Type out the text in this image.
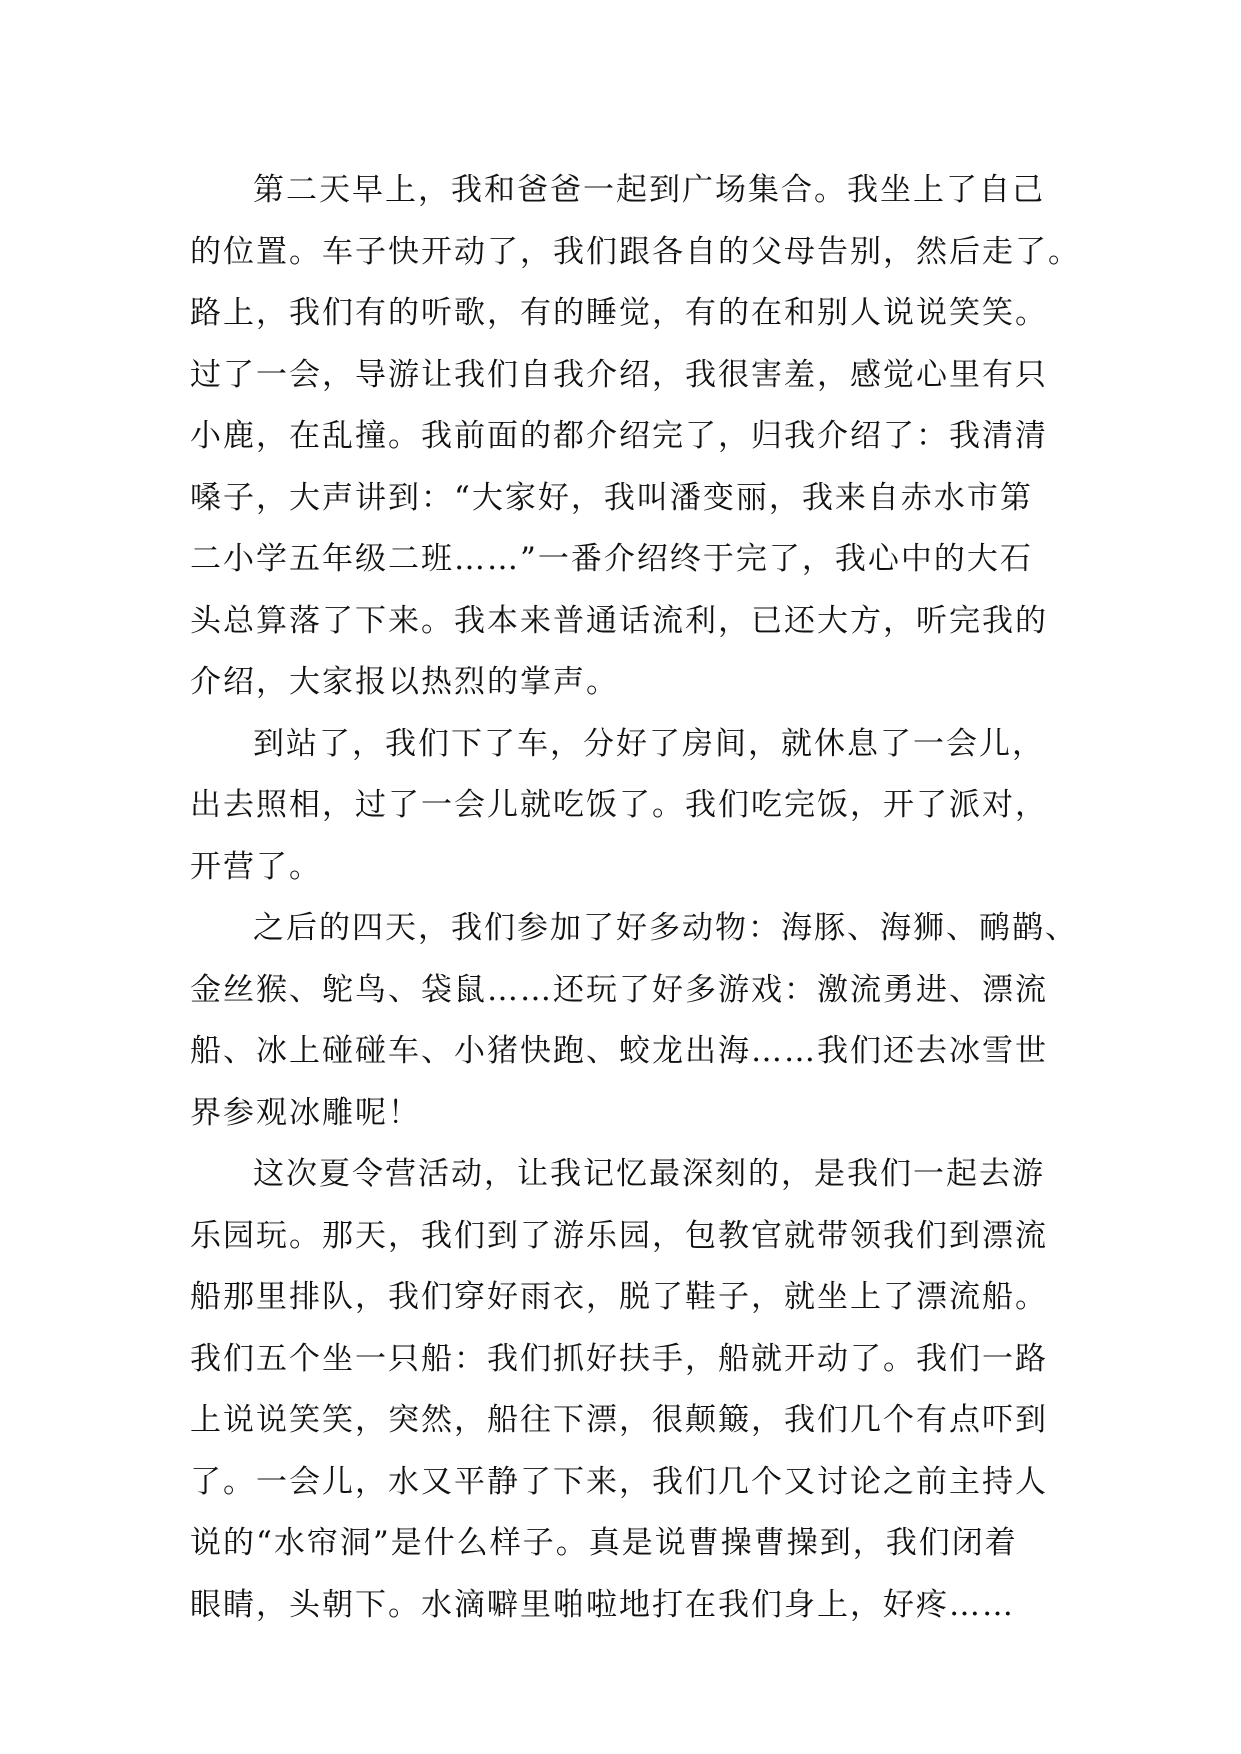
第二天早上，我和爸爸一起到广场集合。我坐上了自己
的位置。车子快开动了，我们跟各自的父母告别，然后走了。
路上，我们有的听歌，有的睡觉，有的在和别人说说笑笑。
过了一会，导游让我们自我介绍，我很害羞，感觉心里有只
小鹿，在乱撞。我前面的都介绍完了，归我介绍了：我清清
嗓子，大声讲到：“大家好，我叫潘变丽，我来自赤水市第
二小学五年级二班……”一番介绍终于完了，我心中的大石
头总算落了下来。我本来普通话流利，已还大方，听完我的
介绍，大家报以热烈的掌声。
到站了，我们下了车，分好了房间，就休息了一会儿，
出去照相，过了一会儿就吃饭了。我们吃完饭，开了派对，
开营了。
之后的四天，我们参加了好多动物：海豚、海狮、鸸鹋、
金丝猴、鸵鸟、袋鼠……还玩了好多游戏：激流勇进、漂流
船、冰上碰碰车、小猪快跑、蛟龙出海……我们还去冰雪世
界参观冰雕呢！
这次夏令营活动，让我记忆最深刻的，是我们一起去游
乐园玩。那天，我们到了游乐园，包教官就带领我们到漂流
船那里排队，我们穿好雨衣，脱了鞋子，就坐上了漂流船。
我们五个坐一只船：我们抓好扶手，船就开动了。我们一路
上说说笑笑，突然，船往下漂，很颠簸，我们几个有点吓到
了。一会儿，水又平静了下来，我们几个又讨论之前主持人
说的“水帘洞”是什么样子。真是说曹操曹操到，我们闭着
眼睛，头朝下。水滴噼里啪啦地打在我们身上，好疼……
